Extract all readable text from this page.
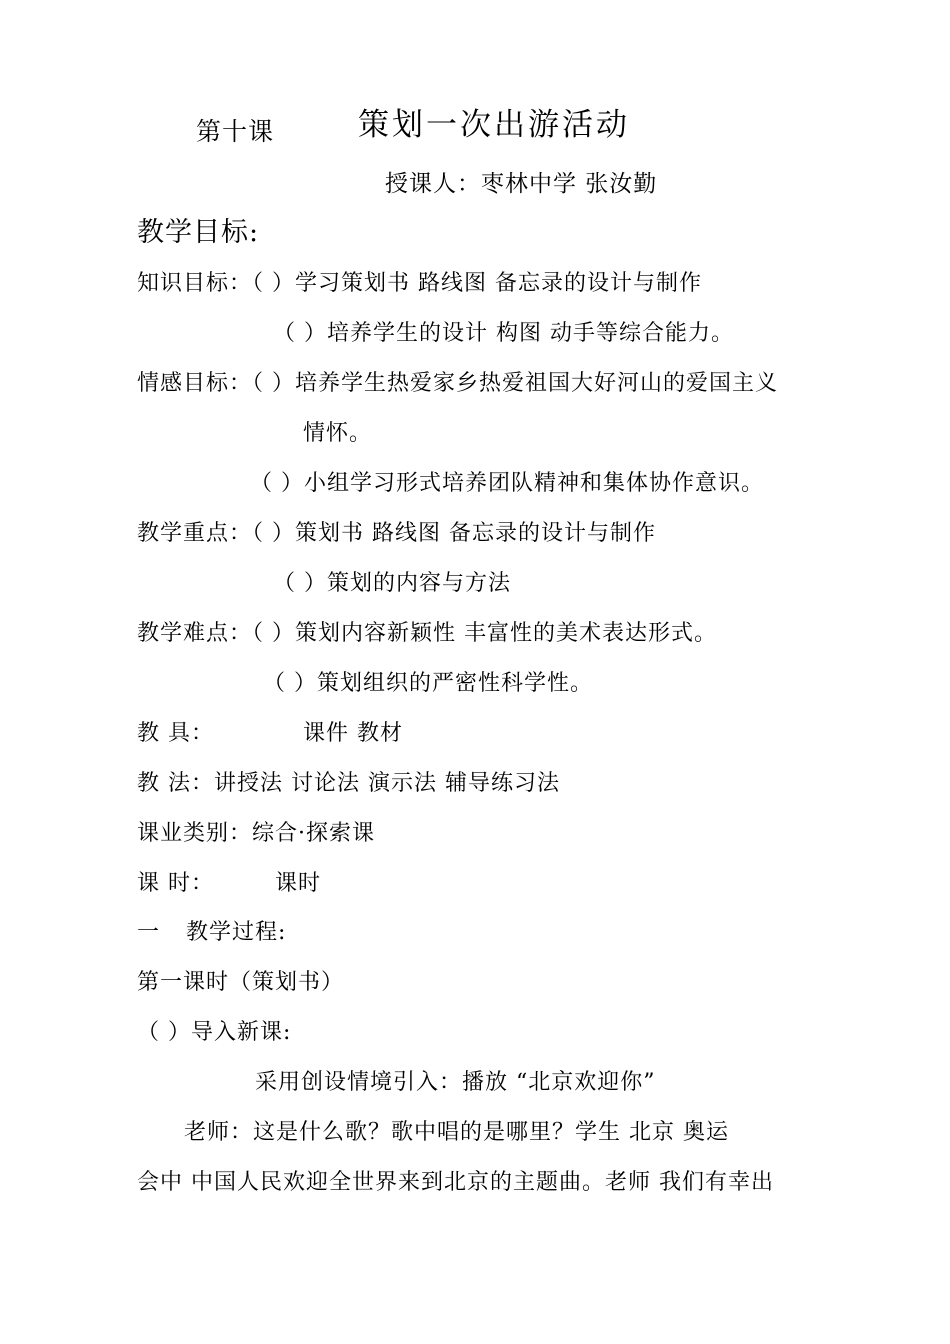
第十课	策划一次出游活动
授课人：枣林中学 张汝勤
教学目标:
知识目标：（ ）学习策划书 路线图 备忘录的设计与制作
（ ）培养学生的设计 构图 动手等综合能力。
情感目标：（ ）培养学生热爱家乡热爱祖国大好河山的爱国主义
情怀。
（ ）小组学习形式培养团队精神和集体协作意识。
教学重点：（ ）策划书 路线图 备忘录的设计与制作
（ ）策划的内容与方法
教学难点：（ ）策划内容新颖性 丰富性的美术表达形式。
（ ）策划组织的严密性科学性。
教 具：	课件 教材
教 法：讲授法 讨论法 演示法 辅导练习法
课业类别：综合·探索课
课 时：	课时
一 教学过程:
第一课时（策划书）
（ ）导入新课:
采用创设情境引入：播放 “北京欢迎你”
老师：这是什么歌？歌中唱的是哪里？学生 北京 奥运
会中 中国人民欢迎全世界来到北京的主题曲。老师 我们有幸出
